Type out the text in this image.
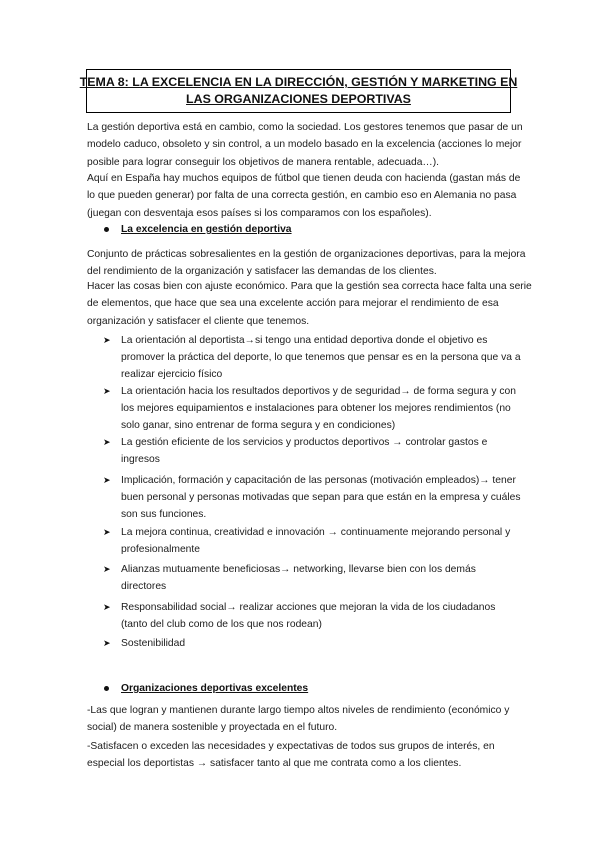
TEMA 8: LA EXCELENCIA EN LA DIRECCIÓN, GESTIÓN Y MARKETING EN
LAS ORGANIZACIONES DEPORTIVAS
La gestión deportiva está en cambio, como la sociedad. Los gestores tenemos que pasar de un
modelo caduco, obsoleto y sin control, a un modelo basado en la excelencia (acciones lo mejor
posible para lograr conseguir los objetivos de manera rentable, adecuada…).
Aquí en España hay muchos equipos de fútbol que tienen deuda con hacienda (gastan más de
lo que pueden generar) por falta de una correcta gestión, en cambio eso en Alemania no pasa
(juegan con desventaja esos países si los comparamos con los españoles).
La excelencia en gestión deportiva
Conjunto de prácticas sobresalientes en la gestión de organizaciones deportivas, para la mejora
del rendimiento de la organización y satisfacer las demandas de los clientes.
Hacer las cosas bien con ajuste económico. Para que la gestión sea correcta hace falta una serie
de elementos, que hace que sea una excelente acción para mejorar el rendimiento de esa
organización y satisfacer el cliente que tenemos.
➤ La orientación al deportista→si tengo una entidad deportiva donde el objetivo es
promover la práctica del deporte, lo que tenemos que pensar es en la persona que va a
realizar ejercicio físico
➤ La orientación hacia los resultados deportivos y de seguridad→ de forma segura y con
los mejores equipamientos e instalaciones para obtener los mejores rendimientos (no
solo ganar, sino entrenar de forma segura y en condiciones)
➤ La gestión eficiente de los servicios y productos deportivos → controlar gastos e
ingresos
➤ Implicación, formación y capacitación de las personas (motivación empleados)→ tener
buen personal y personas motivadas que sepan para que están en la empresa y cuáles
son sus funciones.
➤ La mejora continua, creatividad e innovación → continuamente mejorando personal y
profesionalmente
➤ Alianzas mutuamente beneficiosas→ networking, llevarse bien con los demás
directores
➤ Responsabilidad social→ realizar acciones que mejoran la vida de los ciudadanos
(tanto del club como de los que nos rodean)
➤ Sostenibilidad
Organizaciones deportivas excelentes
-Las que logran y mantienen durante largo tiempo altos niveles de rendimiento (económico y
social) de manera sostenible y proyectada en el futuro.
-Satisfacen o exceden las necesidades y expectativas de todos sus grupos de interés, en
especial los deportistas → satisfacer tanto al que me contrata como a los clientes.
